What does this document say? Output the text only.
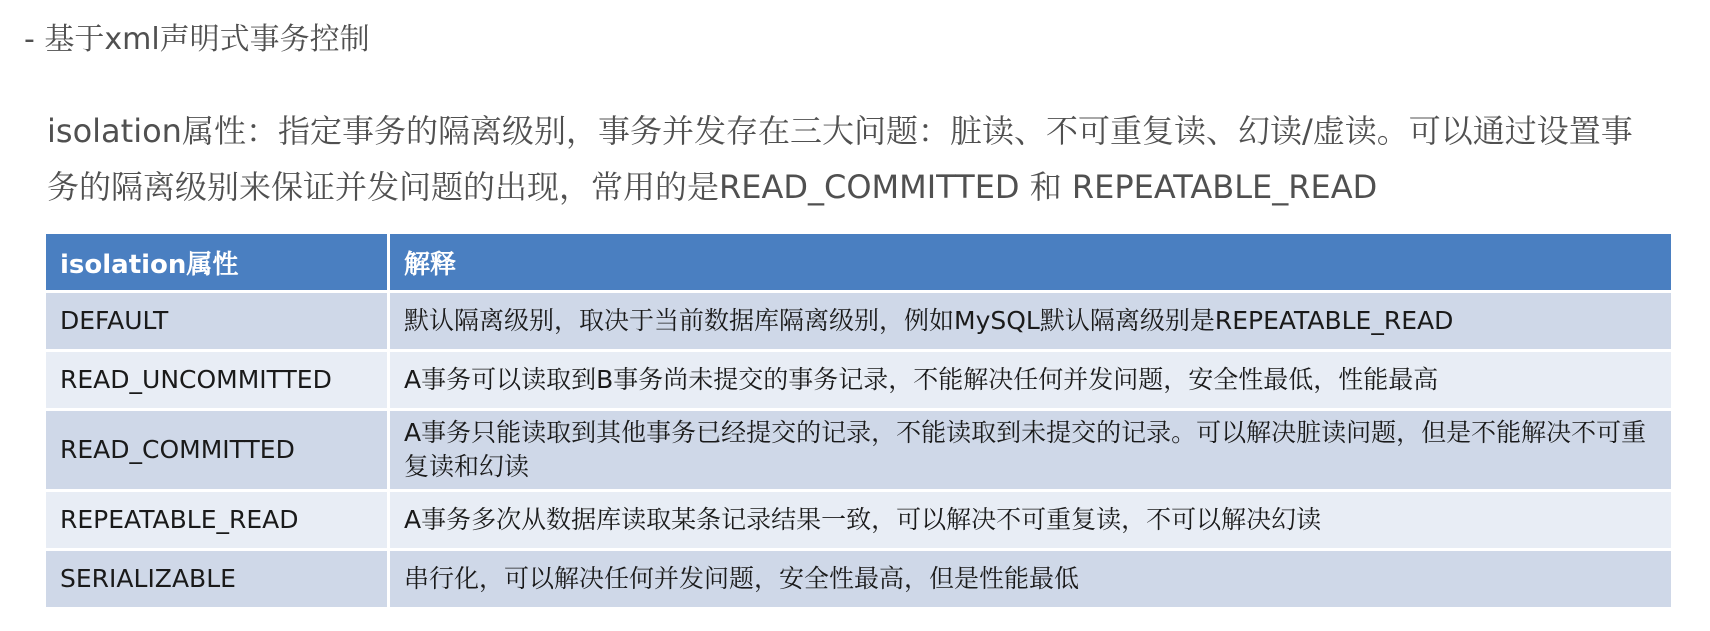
- 基于xml声明式事务控制
isolation属性：指定事务的隔离级别，事务并发存在三大问题：脏读、不可重复读、幻读/虚读。可以通过设置事
务的隔离级别来保证并发问题的出现，常用的是READ_COMMITTED 和 REPEATABLE_READ
isolation属性	解释
DEFAULT	默认隔离级别，取决于当前数据库隔离级别，例如MySQL默认隔离级别是REPEATABLE_READ
READ_UNCOMMITTED	A事务可以读取到B事务尚未提交的事务记录，不能解决任何并发问题，安全性最低，性能最高
READ_COMMITTED	A事务只能读取到其他事务已经提交的记录，不能读取到未提交的记录。可以解决脏读问题，但是不能解决不可重复读和幻读
REPEATABLE_READ	A事务多次从数据库读取某条记录结果一致，可以解决不可重复读，不可以解决幻读
SERIALIZABLE	串行化，可以解决任何并发问题，安全性最高，但是性能最低
